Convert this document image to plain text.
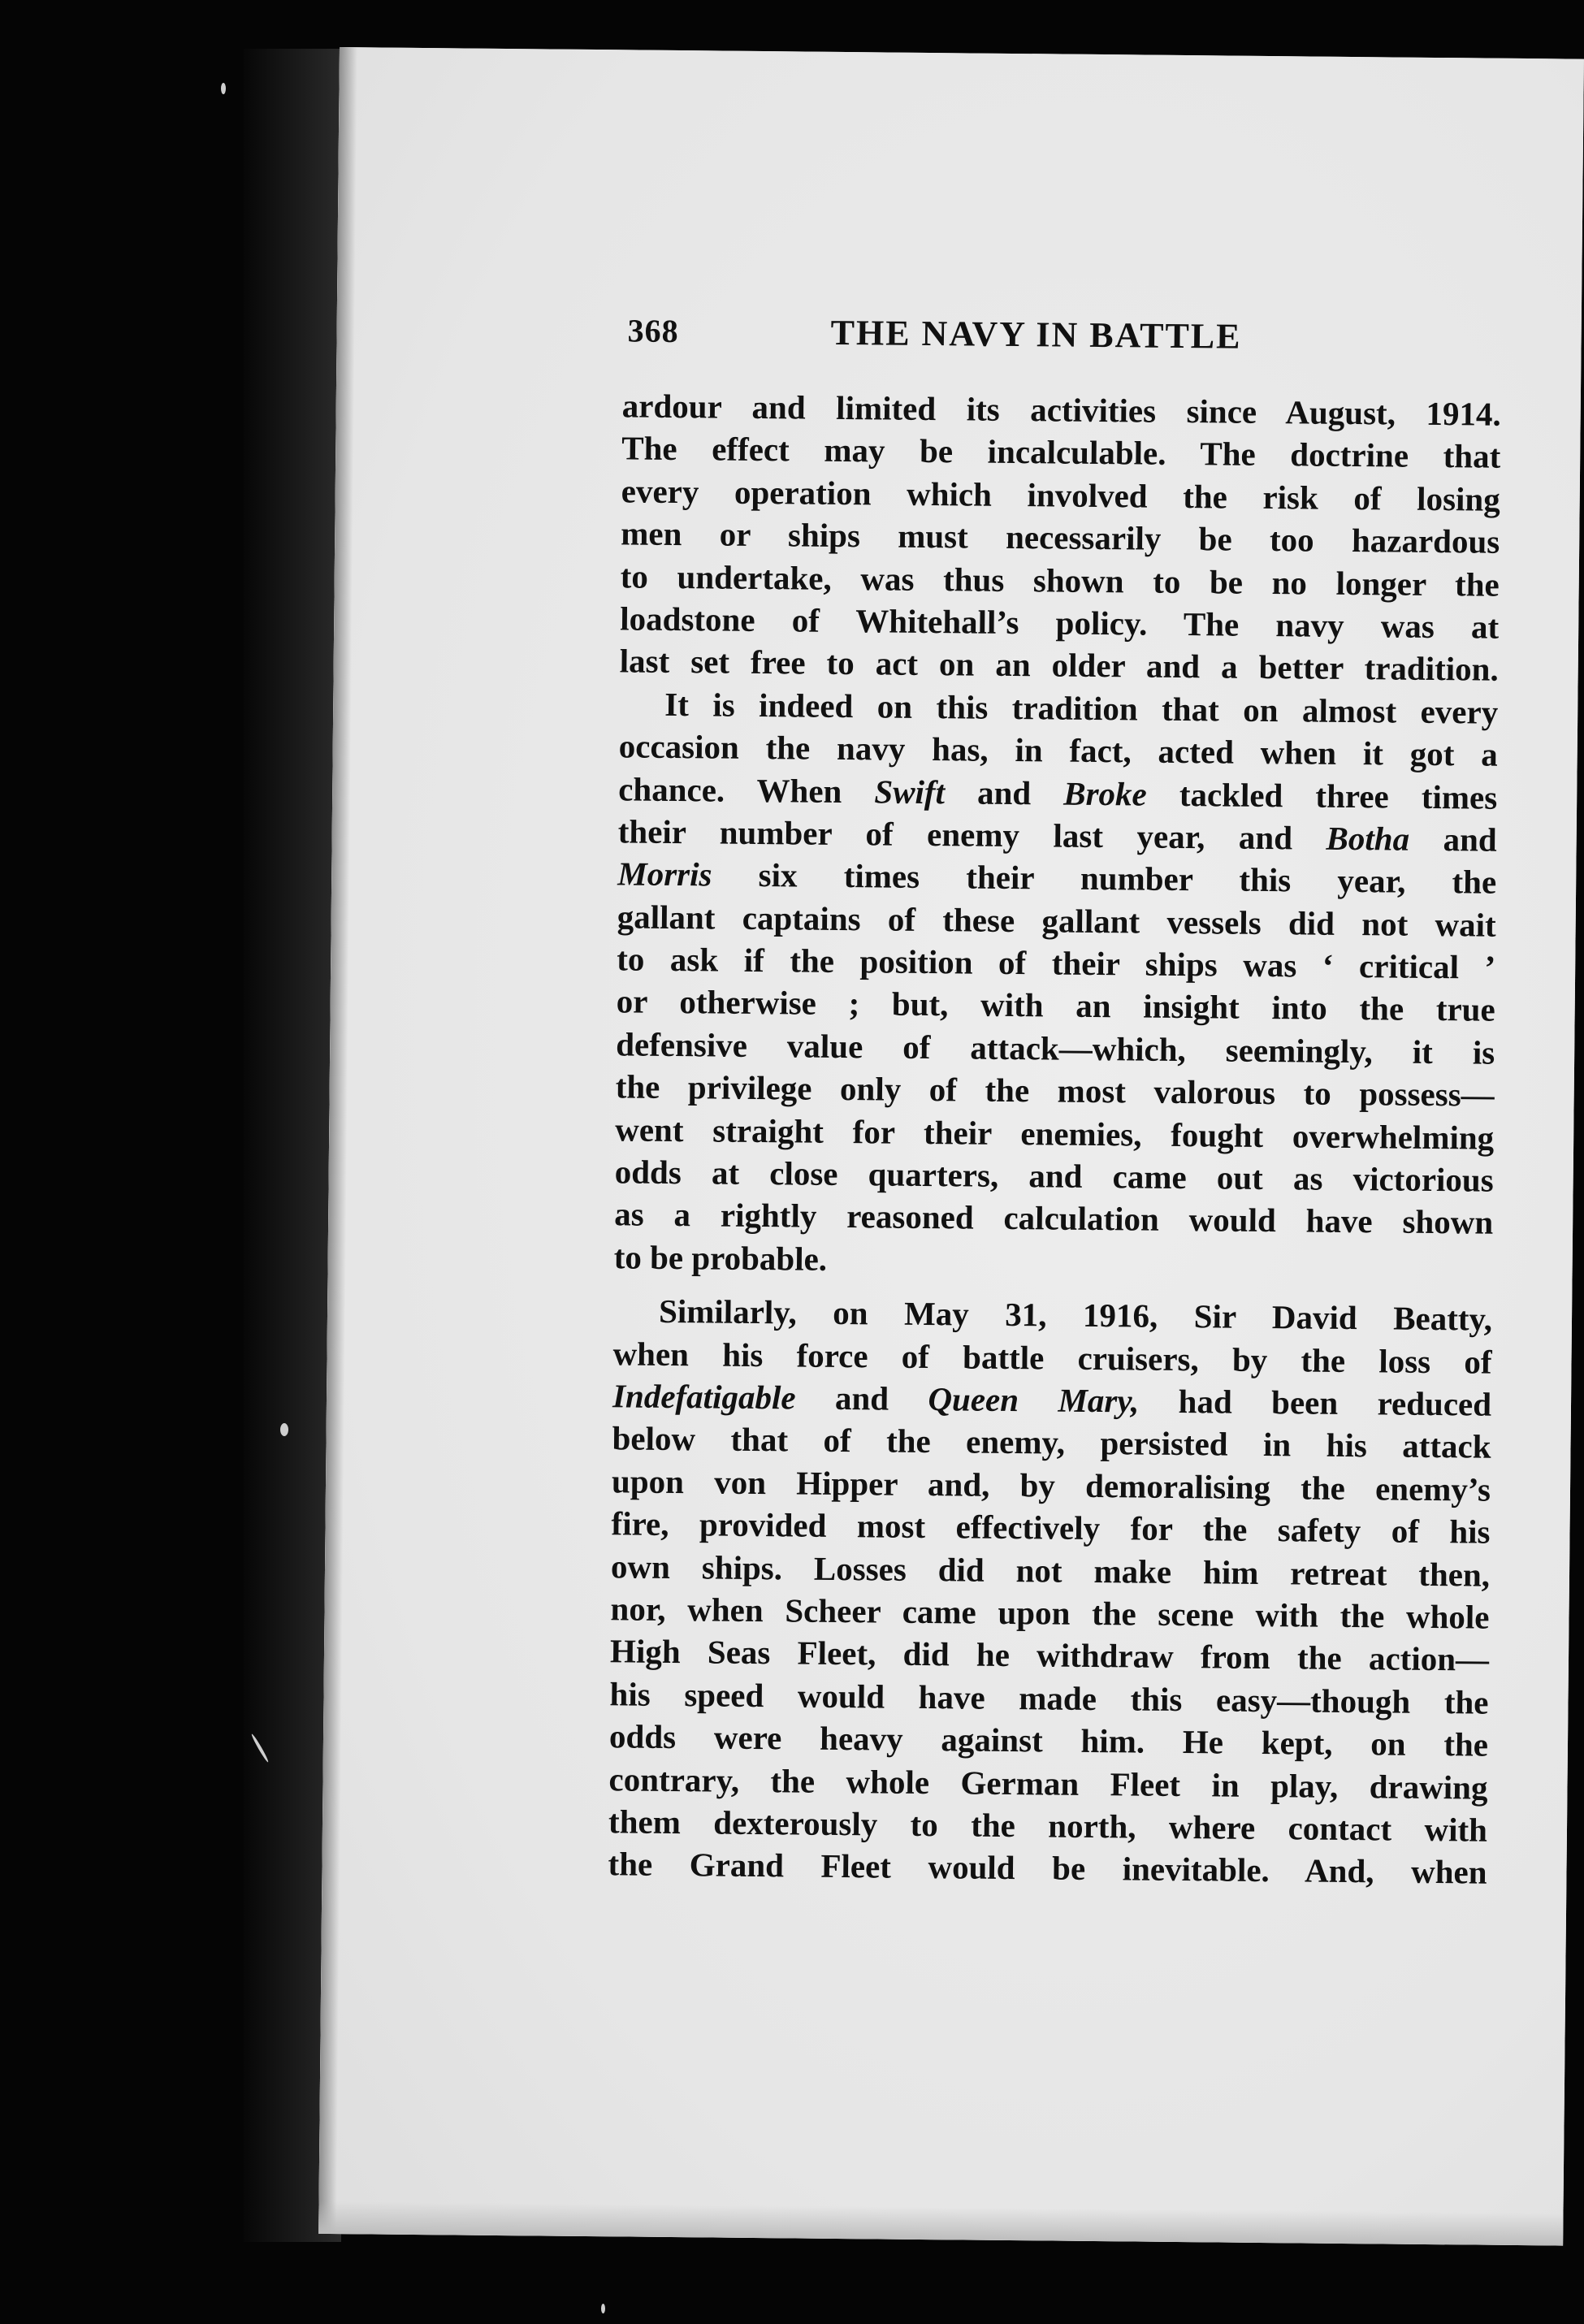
368	THE NAVY IN BATTLE
ardour and limited its activities since August, 1914.
The effect may be incalculable. The doctrine that
every operation which involved the risk of losing
men or ships must necessarily be too hazardous
to undertake, was thus shown to be no longer the
loadstone of Whitehall’s policy. The navy was at
last set free to act on an older and a better tradition.
It is indeed on this tradition that on almost every
occasion the navy has, in fact, acted when it got a
chance. When Swift and Broke tackled three times
their number of enemy last year, and Botha and
Morris six times their number this year, the
gallant captains of these gallant vessels did not wait
to ask if the position of their ships was ‘ critical ’
or otherwise ; but, with an insight into the true
defensive value of attack—which, seemingly, it is
the privilege only of the most valorous to possess—
went straight for their enemies, fought overwhelming
odds at close quarters, and came out as victorious
as a rightly reasoned calculation would have shown
to be probable.
Similarly, on May 31, 1916, Sir David Beatty,
when his force of battle cruisers, by the loss of
Indefatigable and Queen Mary, had been reduced
below that of the enemy, persisted in his attack
upon von Hipper and, by demoralising the enemy’s
fire, provided most effectively for the safety of his
own ships. Losses did not make him retreat then,
nor, when Scheer came upon the scene with the whole
High Seas Fleet, did he withdraw from the action—
his speed would have made this easy—though the
odds were heavy against him. He kept, on the
contrary, the whole German Fleet in play, drawing
them dexterously to the north, where contact with
the Grand Fleet would be inevitable. And, when
